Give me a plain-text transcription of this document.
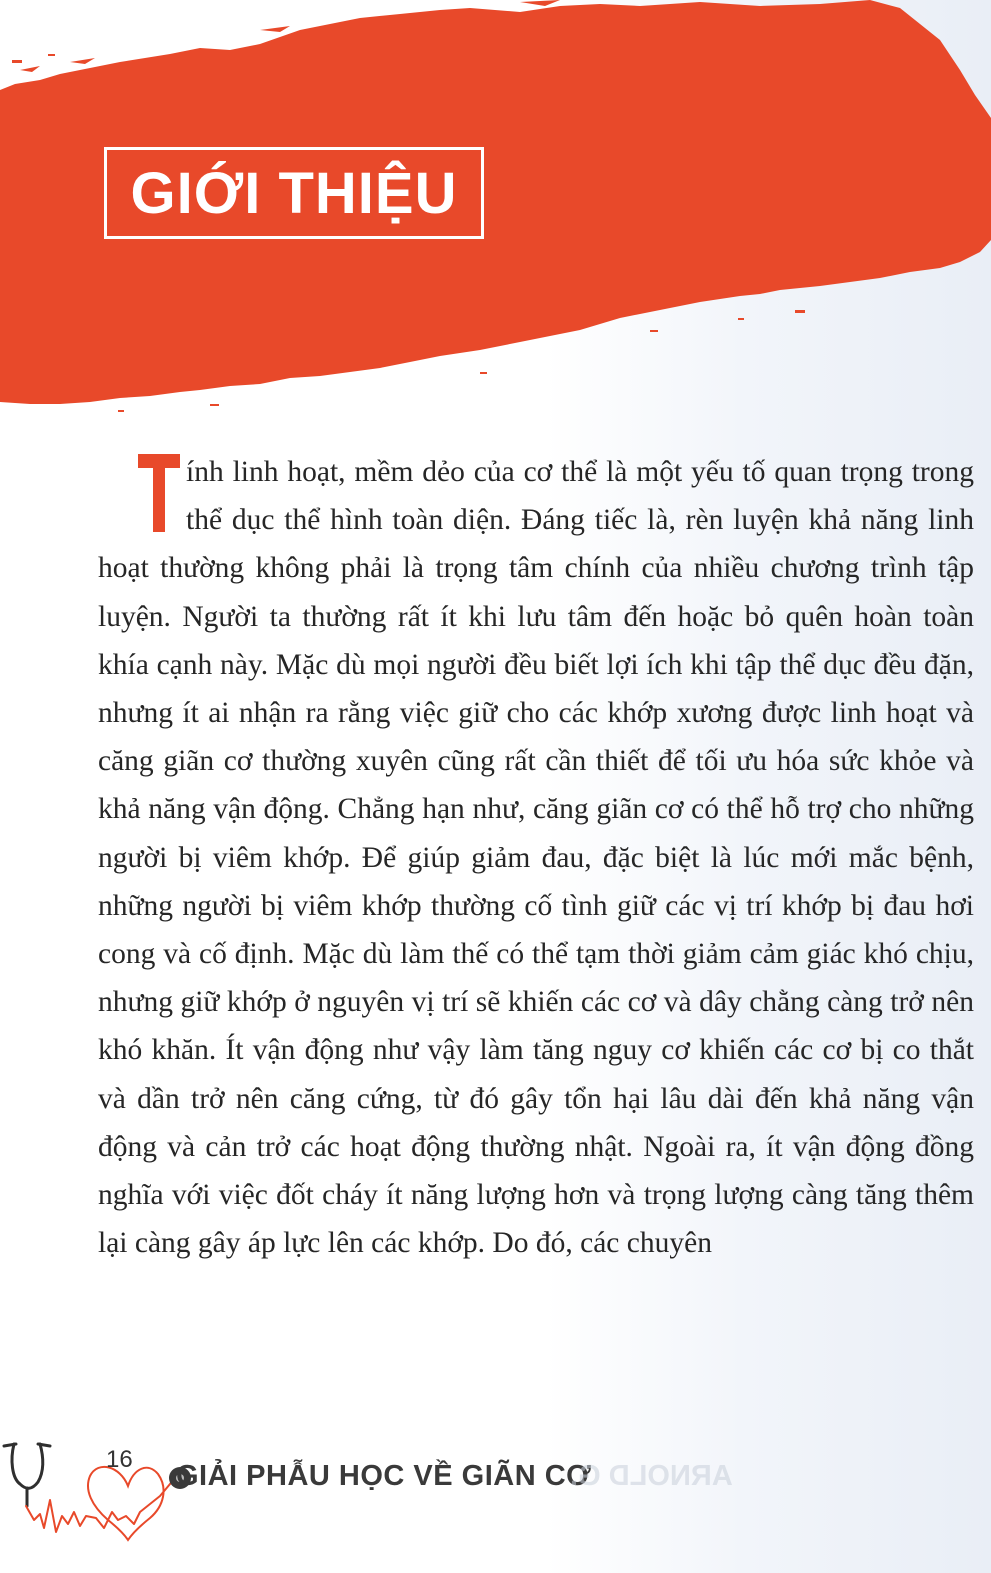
GIỚI THIỆU

ính linh hoạt, mềm dẻo của cơ thể là một yếu tố quan trọng trong thể dục thể hình toàn diện. Đáng tiếc là, rèn luyện khả năng linh hoạt thường không phải là trọng tâm chính của nhiều chương trình tập luyện. Người ta thường rất ít khi lưu tâm đến hoặc bỏ quên hoàn toàn khía cạnh này. Mặc dù mọi người đều biết lợi ích khi tập thể dục đều đặn, nhưng ít ai nhận ra rằng việc giữ cho các khớp xương được linh hoạt và căng giãn cơ thường xuyên cũng rất cần thiết để tối ưu hóa sức khỏe và khả năng vận động. Chẳng hạn như, căng giãn cơ có thể hỗ trợ cho những người bị viêm khớp. Để giúp giảm đau, đặc biệt là lúc mới mắc bệnh, những người bị viêm khớp thường cố tình giữ các vị trí khớp bị đau hơi cong và cố định. Mặc dù làm thế có thể tạm thời giảm cảm giác khó chịu, nhưng giữ khớp ở nguyên vị trí sẽ khiến các cơ và dây chằng càng trở nên khó khăn. Ít vận động như vậy làm tăng nguy cơ khiến các cơ bị co thắt và dần trở nên căng cứng, từ đó gây tổn hại lâu dài đến khả năng vận động và cản trở các hoạt động thường nhật. Ngoài ra, ít vận động đồng nghĩa với việc đốt cháy ít năng lượng hơn và trọng lượng càng tăng thêm lại càng gây áp lực lên các khớp. Do đó, các chuyên

16
GIẢI PHẪU HỌC VỀ GIÃN CƠ
ARNOLD G.
